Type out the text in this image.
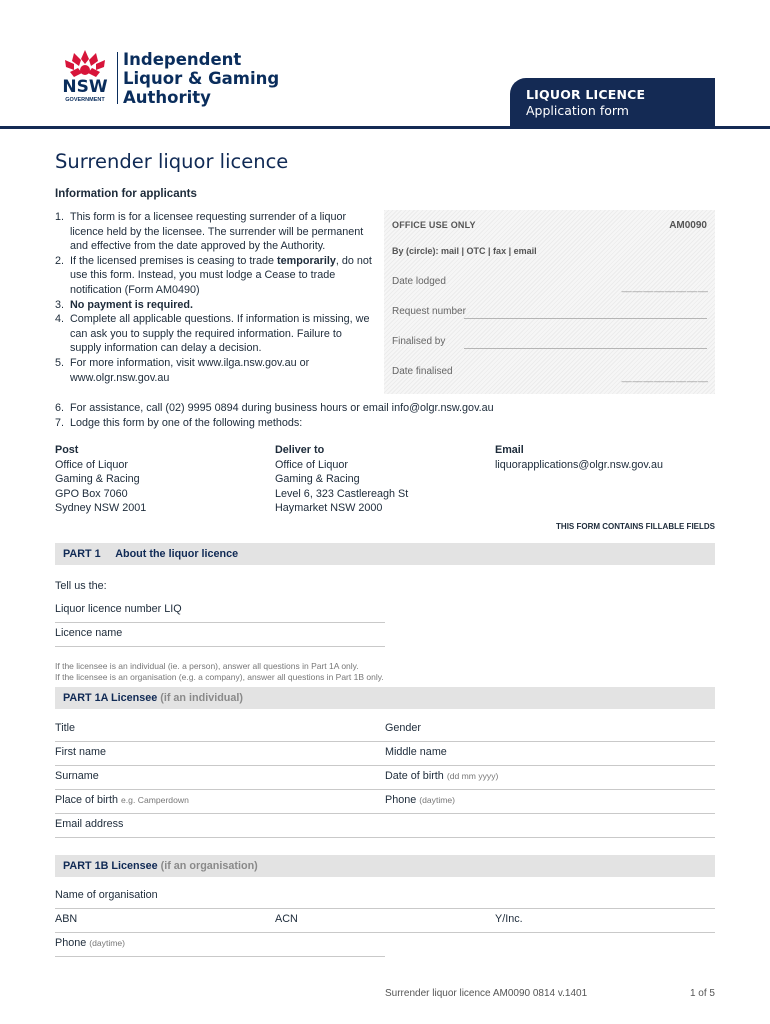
NSW
GOVERNMENT
Independent
Liquor & Gaming
Authority	LIQUOR LICENCE
Application form
Surrender liquor licence
Information for applicants
1. This form is for a licensee requesting surrender of a liquor licence held by the licensee. The surrender will be permanent and effective from the date approved by the Authority.
2. If the licensed premises is ceasing to trade temporarily, do not use this form. Instead, you must lodge a Cease to trade notification (Form AM0490)
3. No payment is required.
4. Complete all applicable questions. If information is missing, we can ask you to supply the required information. Failure to supply information can delay a decision.
5. For more information, visit www.ilga.nsw.gov.au or www.olgr.nsw.gov.au
6. For assistance, call (02) 9995 0894 during business hours or email info@olgr.nsw.gov.au
7. Lodge this form by one of the following methods:
OFFICE USE ONLY	AM0090
By (circle): mail | OTC | fax | email
Date lodged
__ __ __ __ __ __ __ __
Request number
Finalised by
Date finalised
__ __ __ __ __ __ __ __
Post
Office of Liquor
Gaming & Racing
GPO Box 7060
Sydney NSW 2001
Deliver to
Office of Liquor
Gaming & Racing
Level 6, 323 Castlereagh St
Haymarket NSW 2000
Email
liquorapplications@olgr.nsw.gov.au
THIS FORM CONTAINS FILLABLE FIELDS
PART 1     About the liquor licence
Tell us the:
Liquor licence number LIQ
Licence name
If the licensee is an individual (ie. a person), answer all questions in Part 1A only.
If the licensee is an organisation (e.g. a company), answer all questions in Part 1B only.
PART 1A Licensee (if an individual)
Title	Gender
First name	Middle name
Surname	Date of birth (dd mm yyyy)
Place of birth e.g. Camperdown	Phone (daytime)
Email address
PART 1B Licensee (if an organisation)
Name of organisation
ABN	ACN	Y/Inc.
Phone (daytime)
Surrender liquor licence AM0090 0814 v.1401	1 of 5
